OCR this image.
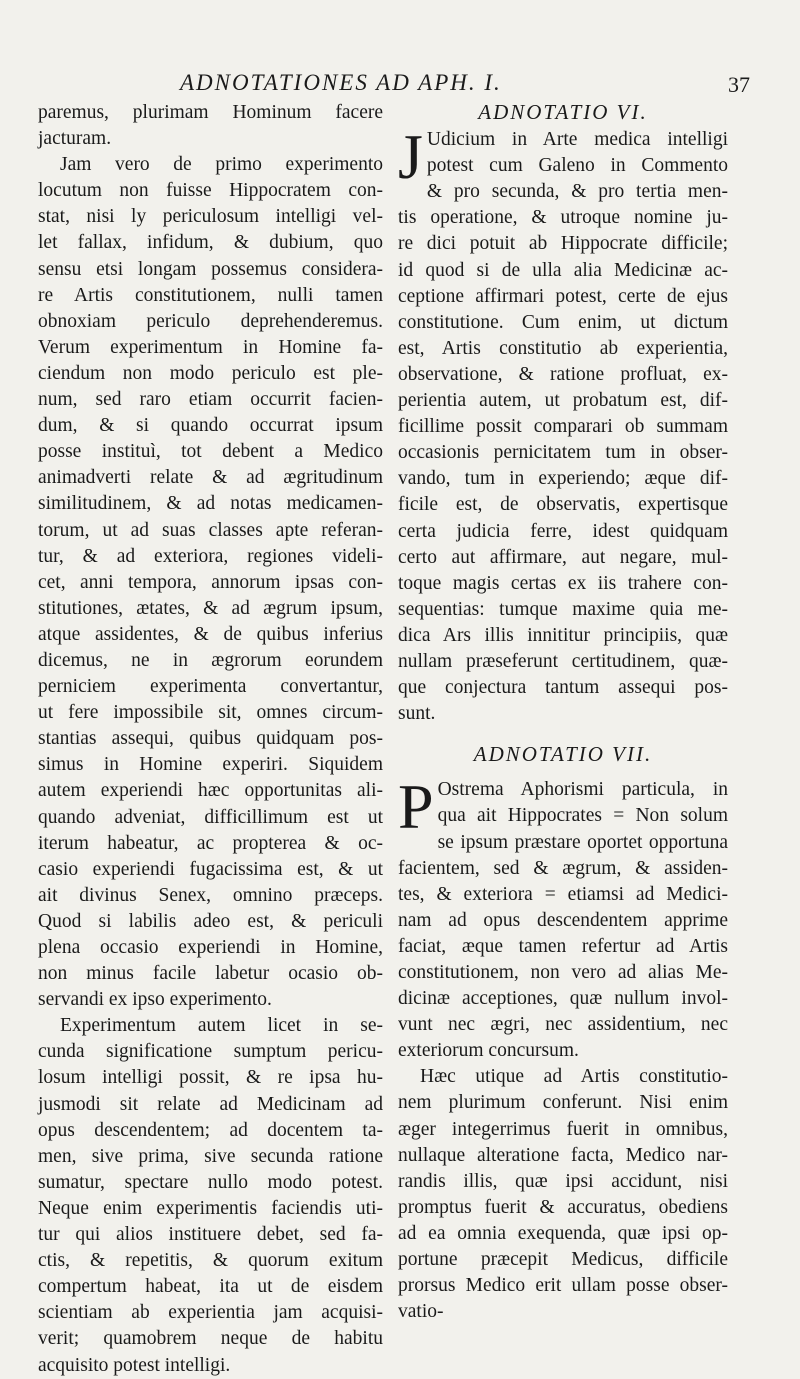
ADNOTATIONES AD APH. I.	37
paremus, plurimam Hominum facere
jacturam.
Jam vero de primo experimento
locutum non fuisse Hippocratem con-
stat, nisi ly periculosum intelligi vel-
let fallax, infidum, & dubium, quo
sensu etsi longam possemus considera-
re Artis constitutionem, nulli tamen
obnoxiam periculo deprehenderemus.
Verum experimentum in Homine fa-
ciendum non modo periculo est ple-
num, sed raro etiam occurrit facien-
dum, & si quando occurrat ipsum
posse instituì, tot debent a Medico
animadverti relate & ad ægritudinum
similitudinem, & ad notas medicamen-
torum, ut ad suas classes apte referan-
tur, & ad exteriora, regiones videli-
cet, anni tempora, annorum ipsas con-
stitutiones, ætates, & ad ægrum ipsum,
atque assidentes, & de quibus inferius
dicemus, ne in ægrorum eorundem
perniciem experimenta convertantur,
ut fere impossibile sit, omnes circum-
stantias assequi, quibus quidquam pos-
simus in Homine experiri. Siquidem
autem experiendi hæc opportunitas ali-
quando adveniat, difficillimum est ut
iterum habeatur, ac propterea & oc-
casio experiendi fugacissima est, & ut
ait divinus Senex, omnino præceps.
Quod si labilis adeo est, & periculi
plena occasio experiendi in Homine,
non minus facile labetur ocasio ob-
servandi ex ipso experimento.
Experimentum autem licet in se-
cunda significatione sumptum pericu-
losum intelligi possit, & re ipsa hu-
jusmodi sit relate ad Medicinam ad
opus descendentem; ad docentem ta-
men, sive prima, sive secunda ratione
sumatur, spectare nullo modo potest.
Neque enim experimentis faciendis uti-
tur qui alios instituere debet, sed fa-
ctis, & repetitis, & quorum exitum
compertum habeat, ita ut de eisdem
scientiam ab experientia jam acquisi-
verit; quamobrem neque de habitu
acquisito potest intelligi.
ADNOTATIO VI.
J Udicium in Arte medica intelligi
potest cum Galeno in Commento
& pro secunda, & pro tertia men-
tis operatione, & utroque nomine ju-
re dici potuit ab Hippocrate difficile;
id quod si de ulla alia Medicinæ ac-
ceptione affirmari potest, certe de ejus
constitutione. Cum enim, ut dictum
est, Artis constitutio ab experientia,
observatione, & ratione profluat, ex-
perientia autem, ut probatum est, dif-
ficillime possit comparari ob summam
occasionis pernicitatem tum in obser-
vando, tum in experiendo; æque dif-
ficile est, de observatis, expertisque
certa judicia ferre, idest quidquam
certo aut affirmare, aut negare, mul-
toque magis certas ex iis trahere con-
sequentias: tumque maxime quia me-
dica Ars illis innititur principiis, quæ
nullam præseferunt certitudinem, quæ-
que conjectura tantum assequi pos-
sunt.
ADNOTATIO VII.
P Ostrema Aphorismi particula, in
qua ait Hippocrates = Non solum
se ipsum præstare oportet opportuna
facientem, sed & ægrum, & assiden-
tes, & exteriora = etiamsi ad Medici-
nam ad opus descendentem apprime
faciat, æque tamen refertur ad Artis
constitutionem, non vero ad alias Me-
dicinæ acceptiones, quæ nullum invol-
vunt nec ægri, nec assidentium, nec
exteriorum concursum.
Hæc utique ad Artis constitutio-
nem plurimum conferunt. Nisi enim
æger integerrimus fuerit in omnibus,
nullaque alteratione facta, Medico nar-
randis illis, quæ ipsi accidunt, nisi
promptus fuerit & accuratus, obediens
ad ea omnia exequenda, quæ ipsi op-
portune præcepit Medicus, difficile
prorsus Medico erit ullam posse obser-
vatio-
